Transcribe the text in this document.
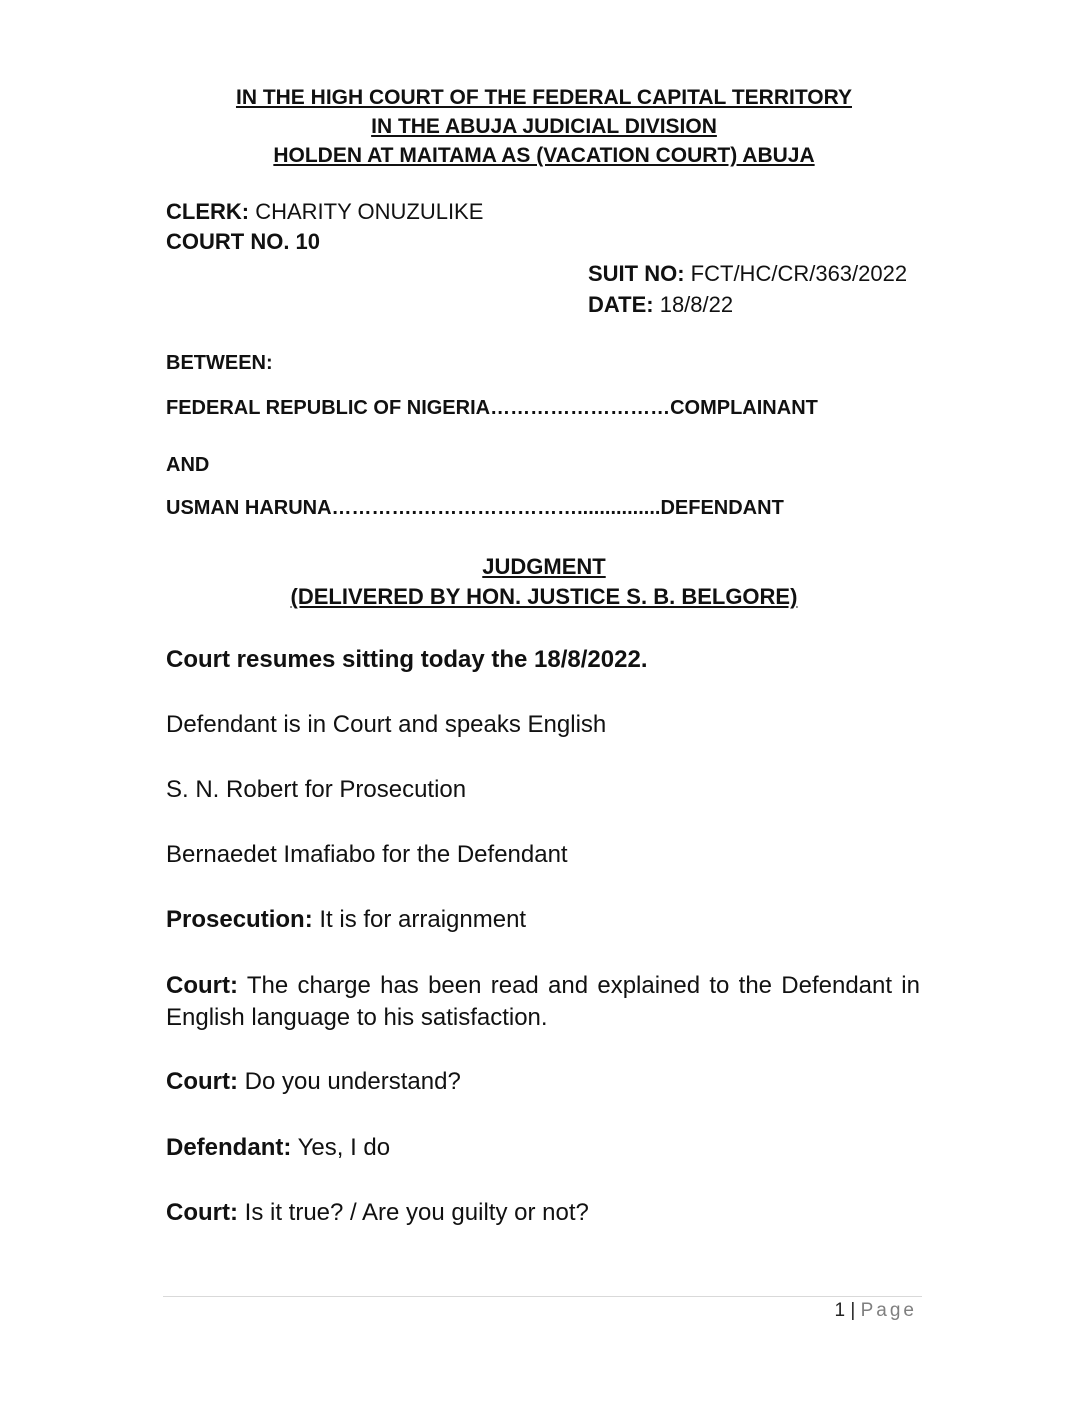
IN THE HIGH COURT OF THE FEDERAL CAPITAL TERRITORY
IN THE ABUJA JUDICIAL DIVISION
HOLDEN AT MAITAMA AS (VACATION COURT) ABUJA
CLERK: CHARITY ONUZULIKE
COURT NO. 10
SUIT NO: FCT/HC/CR/363/2022
DATE: 18/8/22
BETWEEN:
FEDERAL REPUBLIC OF NIGERIA………………………COMPLAINANT
AND
USMAN HARUNA………….……………………...............DEFENDANT
JUDGMENT
(DELIVERED BY HON. JUSTICE S. B. BELGORE)
Court resumes sitting today the 18/8/2022.
Defendant is in Court and speaks English
S. N. Robert for Prosecution
Bernaedet Imafiabo for the Defendant
Prosecution: It is for arraignment
Court: The charge has been read and explained to the Defendant in English language to his satisfaction.
Court: Do you understand?
Defendant: Yes, I do
Court: Is it true? / Are you guilty or not?
1 | Page
